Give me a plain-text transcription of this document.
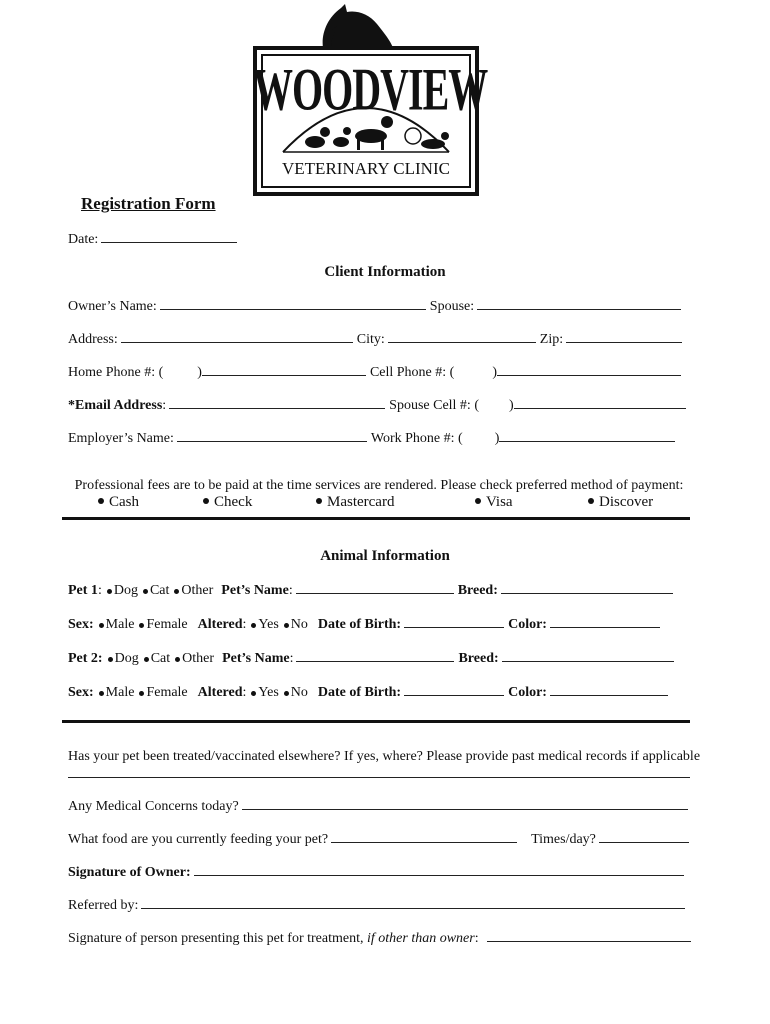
WOODVIEW
VETERINARY CLINIC
Registration Form
Date:
Client Information
Owner’s Name:	Spouse:
Address:	City:	Zip:
Home Phone #: ( )	Cell Phone #: (	)
*Email Address :	Spouse Cell #: ( )
Employer’s Name:	Work Phone #: ( )
Professional fees are to be paid at the time services are rendered. Please check preferred method of payment:
Cash	Check	Mastercard	Visa	Discover
Animal Information
Pet 1 : Dog Cat Other Pet’s Name :	Breed:
Sex: Male Female Altered : Yes No Date of Birth:	Color:
Pet 2: Dog Cat Other Pet’s Name :	Breed:
Sex: Male Female Altered : Yes No Date of Birth:	Color:
Has your pet been treated/vaccinated elsewhere? If yes, where? Please provide past medical records if applicable
Any Medical Concerns today?
What food are you currently feeding your pet?	Times/day?
Signature of Owner:
Referred by:
Signature of person presenting this pet for treatment,
if other than owner :
